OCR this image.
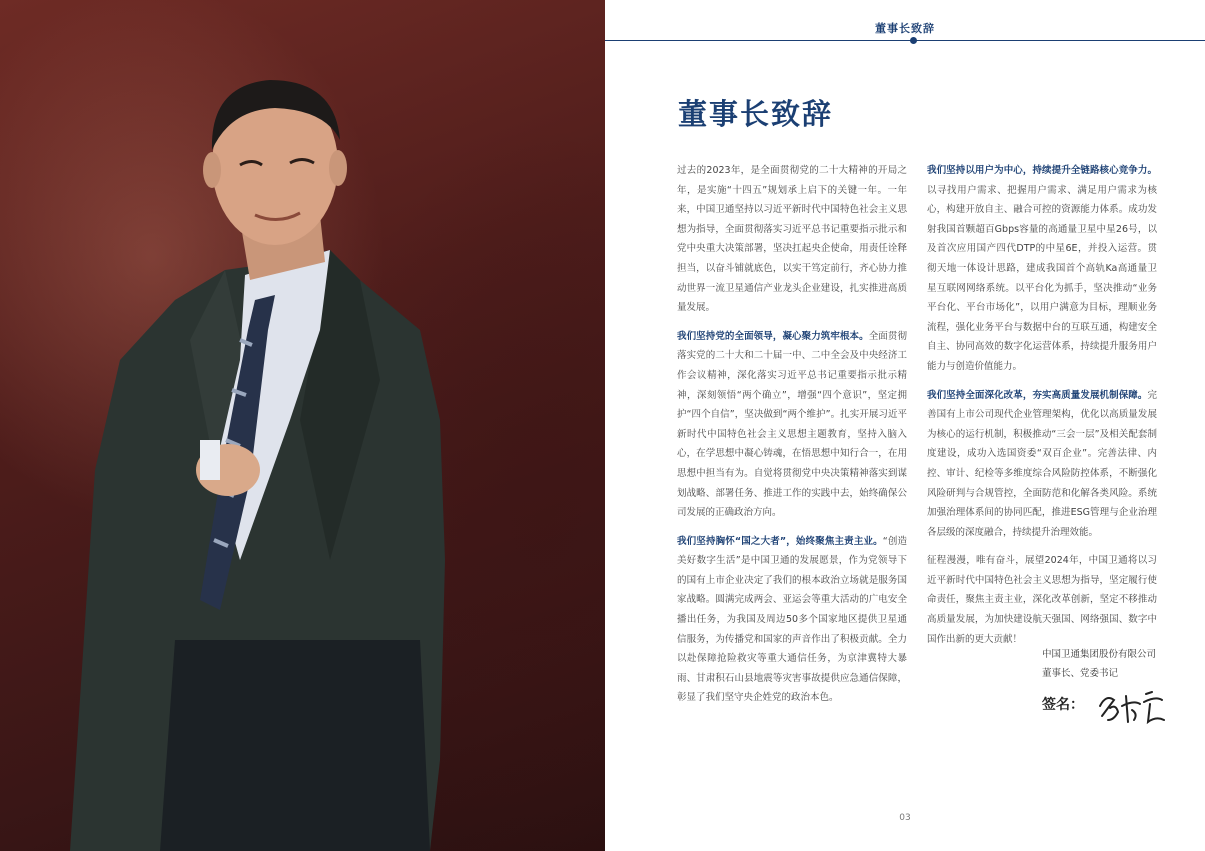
董事长致辞
董事长致辞

过去的2023年，是全面贯彻党的二十大精神的开局之年，是实施“十四五”规划承上启下的关键一年。一年来，中国卫通坚持以习近平新时代中国特色社会主义思想为指导，全面贯彻落实习近平总书记重要指示批示和党中央重大决策部署，坚决扛起央企使命，用责任诠释担当，以奋斗铺就底色，以实干笃定前行，齐心协力推动世界一流卫星通信产业龙头企业建设，扎实推进高质量发展。

我们坚持党的全面领导，凝心聚力筑牢根本。全面贯彻落实党的二十大和二十届一中、二中全会及中央经济工作会议精神，深化落实习近平总书记重要指示批示精神，深刻领悟“两个确立”，增强“四个意识”，坚定拥护“四个自信”，坚决做到“两个维护”。扎实开展习近平新时代中国特色社会主义思想主题教育，坚持入脑入心，在学思想中凝心铸魂，在悟思想中知行合一，在用思想中担当有为。自觉将贯彻党中央决策精神落实到谋划战略、部署任务、推进工作的实践中去，始终确保公司发展的正确政治方向。

我们坚持胸怀“国之大者”，始终聚焦主责主业。“创造美好数字生活”是中国卫通的发展愿景，作为党领导下的国有上市企业决定了我们的根本政治立场就是服务国家战略。圆满完成两会、亚运会等重大活动的广电安全播出任务，为我国及周边50多个国家地区提供卫星通信服务，为传播党和国家的声音作出了积极贡献。全力以赴保障抢险救灾等重大通信任务，为京津冀特大暴雨、甘肃积石山县地震等灾害事故提供应急通信保障，彰显了我们坚守央企姓党的政治本色。

我们坚持以用户为中心，持续提升全链路核心竞争力。以寻找用户需求、把握用户需求、满足用户需求为核心，构建开放自主、融合可控的资源能力体系。成功发射我国首颗超百Gbps容量的高通量卫星中星26号，以及首次应用国产四代DTP的中星6E，并投入运营。贯彻天地一体设计思路，建成我国首个高轨Ka高通量卫星互联网网络系统。以平台化为抓手，坚决推动“业务平台化、平台市场化”，以用户满意为目标，理顺业务流程，强化业务平台与数据中台的互联互通，构建安全自主、协同高效的数字化运营体系，持续提升服务用户能力与创造价值能力。

我们坚持全面深化改革，夯实高质量发展机制保障。完善国有上市公司现代企业管理架构，优化以高质量发展为核心的运行机制，积极推动“三会一层”及相关配套制度建设，成功入选国资委“双百企业”。完善法律、内控、审计、纪检等多维度综合风险防控体系，不断强化风险研判与合规管控，全面防范和化解各类风险。系统加强治理体系间的协同匹配，推进ESG管理与企业治理各层级的深度融合，持续提升治理效能。

征程漫漫，唯有奋斗，展望2024年，中国卫通将以习近平新时代中国特色社会主义思想为指导，坚定履行使命责任，聚焦主责主业，深化改革创新，坚定不移推动高质量发展，为加快建设航天强国、网络强国、数字中国作出新的更大贡献！

中国卫通集团股份有限公司
董事长、党委书记
签名：
03
